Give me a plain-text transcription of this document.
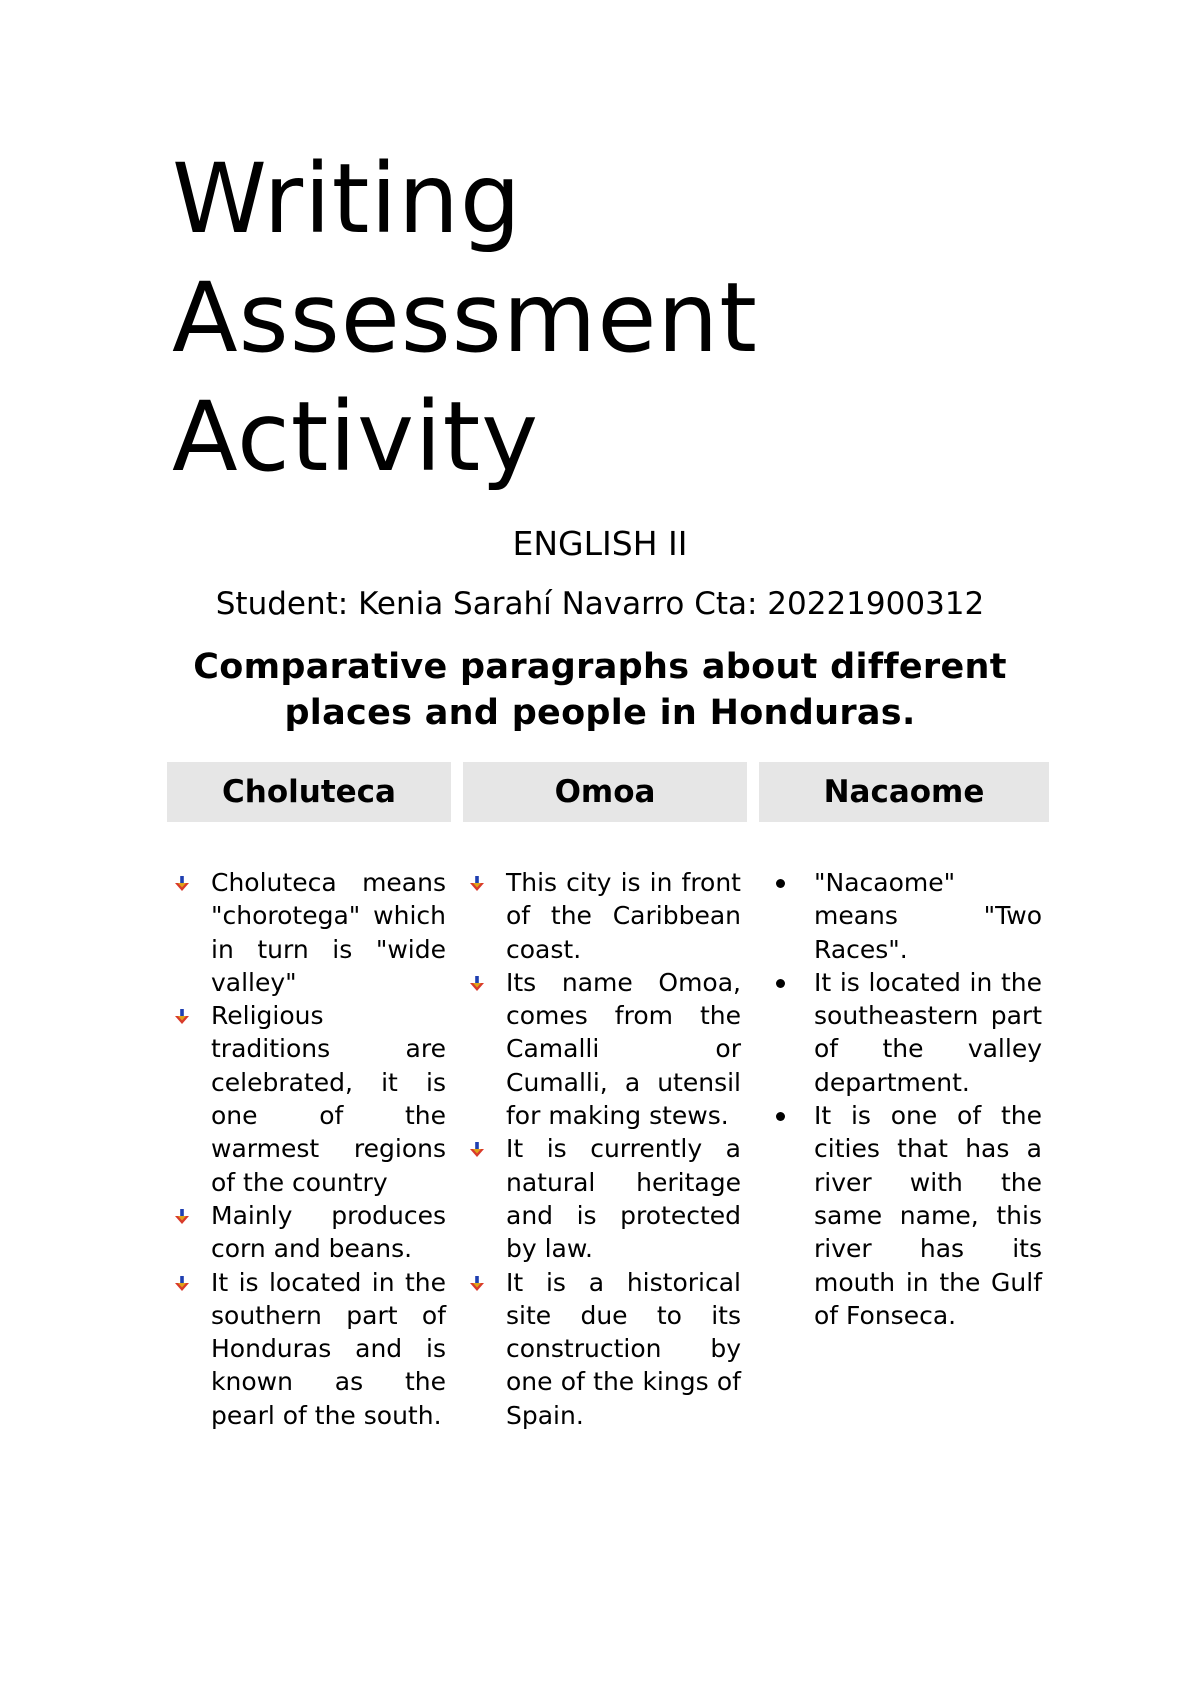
Writing
Assessment
Activity
ENGLISH II
Student: Kenia Sarahí Navarro Cta: 20221900312
Comparative paragraphs about different places and people in Honduras.
Choluteca	Omoa	Nacaome
Choluteca means "chorotega" which in turn is "wide valley"
Religious traditions are celebrated, it is one of the warmest regions of the country
Mainly produces corn and beans.
It is located in the southern part of Honduras and is known as the pearl of the south.
This city is in front of the Caribbean coast.
Its name Omoa, comes from the Camalli or Cumalli, a utensil for making stews.
It is currently a natural heritage and is protected by law.
It is a historical site due to its construction by one of the kings of Spain.
"Nacaome" means "Two Races".
It is located in the southeastern part of the valley department.
It is one of the cities that has a river with the same name, this river has its mouth in the Gulf of Fonseca.
